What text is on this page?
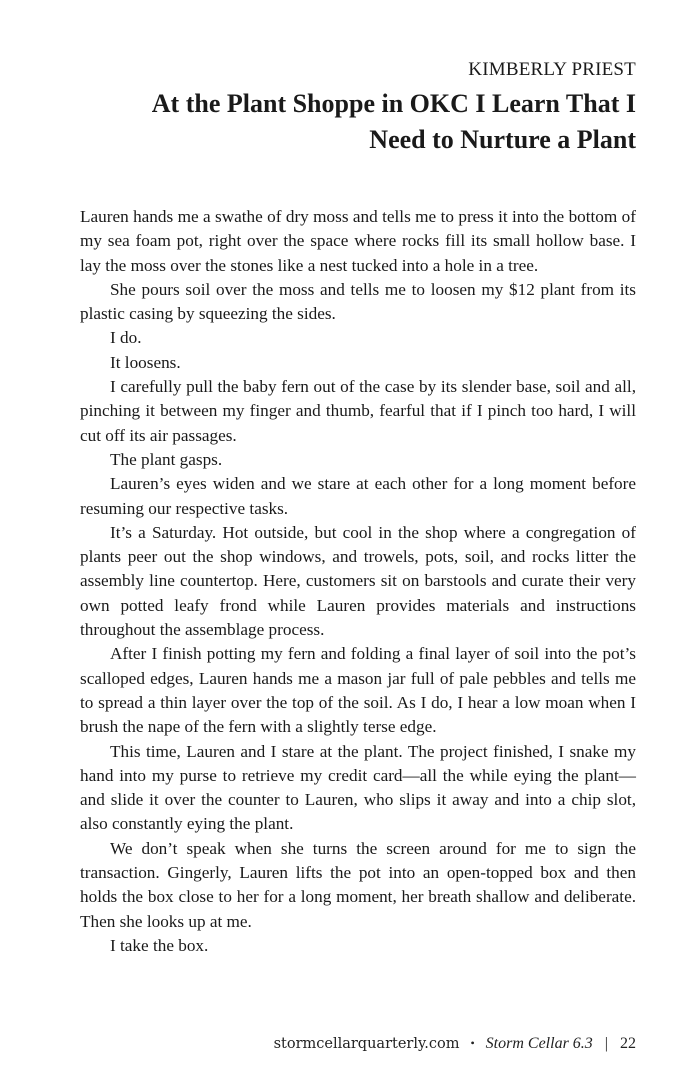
KIMBERLY PRIEST
At the Plant Shoppe in OKC I Learn That I
Need to Nurture a Plant

Lauren hands me a swathe of dry moss and tells me to press it into the bottom of my sea foam pot, right over the space where rocks fill its small hollow base. I lay the moss over the stones like a nest tucked into a hole in a tree.

She pours soil over the moss and tells me to loosen my $12 plant from its plastic casing by squeezing the sides.

I do.

It loosens.

I carefully pull the baby fern out of the case by its slender base, soil and all, pinching it between my finger and thumb, fearful that if I pinch too hard, I will cut off its air passages.

The plant gasps.

Lauren’s eyes widen and we stare at each other for a long moment before resuming our respective tasks.

It’s a Saturday. Hot outside, but cool in the shop where a congregation of plants peer out the shop windows, and trowels, pots, soil, and rocks litter the assembly line countertop. Here, customers sit on barstools and curate their very own potted leafy frond while Lauren provides materials and instructions throughout the assemblage process.

After I finish potting my fern and folding a final layer of soil into the pot’s scalloped edges, Lauren hands me a mason jar full of pale pebbles and tells me to spread a thin layer over the top of the soil. As I do, I hear a low moan when I brush the nape of the fern with a slightly terse edge.

This time, Lauren and I stare at the plant. The project finished, I snake my hand into my purse to retrieve my credit card—all the while eying the plant—and slide it over the counter to Lauren, who slips it away and into a chip slot, also constantly eying the plant.

We don’t speak when she turns the screen around for me to sign the transaction. Gingerly, Lauren lifts the pot into an open-topped box and then holds the box close to her for a long moment, her breath shallow and deliberate. Then she looks up at me.

I take the box.

stormcellarquarterly.com • Storm Cellar 6.3 | 22
